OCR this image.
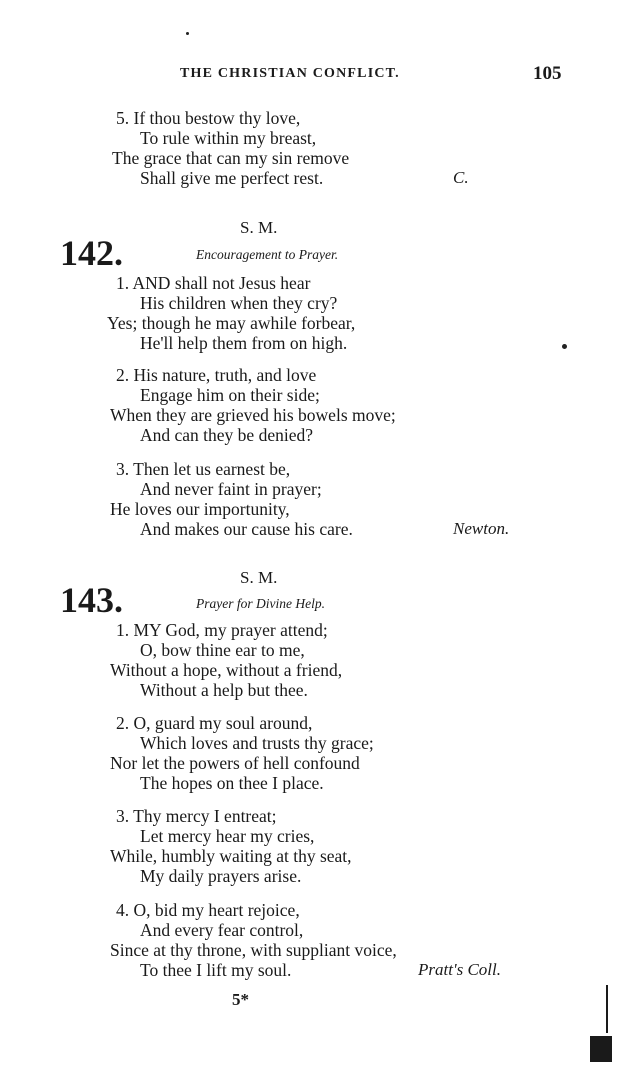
THE CHRISTIAN CONFLICT.	105
5. If thou bestow thy love,
To rule within my breast,
The grace that can my sin remove
Shall give me perfect rest.	C.
S. M.
142.	Encouragement to Prayer.
1. AND shall not Jesus hear
His children when they cry?
Yes; though he may awhile forbear,
He'll help them from on high.
2. His nature, truth, and love
Engage him on their side;
When they are grieved his bowels move;
And can they be denied?
3. Then let us earnest be,
And never faint in prayer;
He loves our importunity,
And makes our cause his care.	Newton.
S. M.
143.	Prayer for Divine Help.
1. MY God, my prayer attend;
O, bow thine ear to me,
Without a hope, without a friend,
Without a help but thee.
2. O, guard my soul around,
Which loves and trusts thy grace;
Nor let the powers of hell confound
The hopes on thee I place.
3. Thy mercy I entreat;
Let mercy hear my cries,
While, humbly waiting at thy seat,
My daily prayers arise.
4. O, bid my heart rejoice,
And every fear control,
Since at thy throne, with suppliant voice,
To thee I lift my soul.	Pratt's Coll.
5*
